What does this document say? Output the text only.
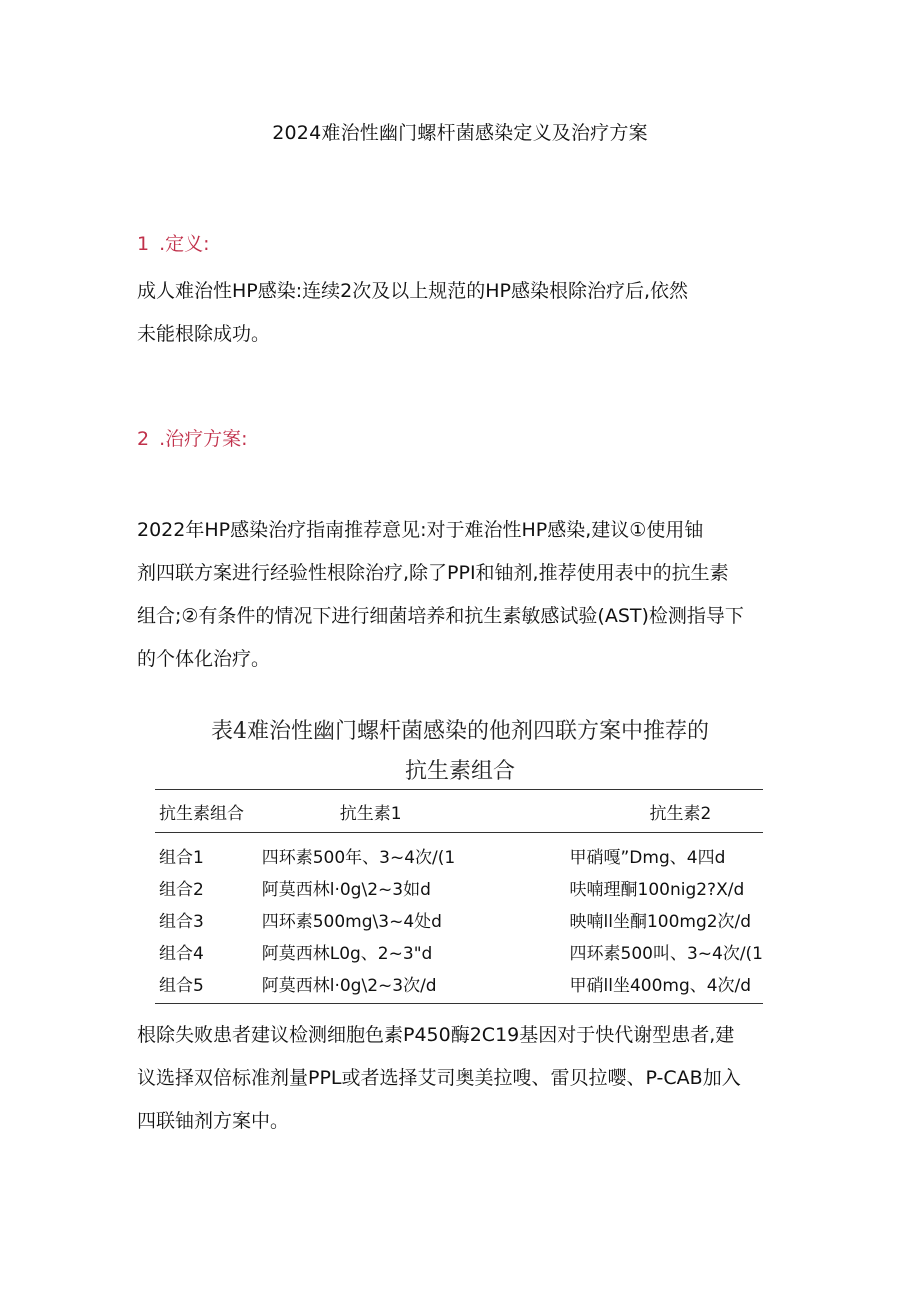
2024难治性幽门螺杆菌感染定义及治疗方案
1 .定义:
成人难治性HP感染:连续2次及以上规范的HP感染根除治疗后,依然
未能根除成功。
2 .治疗方案:
2022年HP感染治疗指南推荐意见:对于难治性HP感染,建议①使用铀
剂四联方案进行经验性根除治疗,除了PPI和铀剂,推荐使用表中的抗生素
组合;②有条件的情况下进行细菌培养和抗生素敏感试验(AST)检测指导下
的个体化治疗。
表4难治性幽门螺杆菌感染的他剂四联方案中推荐的
抗生素组合
抗生素组合	抗生素1	抗生素2
组合1	四环素500年、3~4次/(1	甲硝嘎”Dmg、4四d
组合2	阿莫西林l·0g\2~3如d	呋喃理酮100nig2?X/d
组合3	四环素500mg\3~4处d	映喃ll坐酮100mg2次/d
组合4	阿莫西林L0g、2~3"d	四环素500叫、3~4次/(1
组合5	阿莫西林l·0g\2~3次/d	甲硝ll坐400mg、4次/d
根除失败患者建议检测细胞色素P450酶2C19基因对于快代谢型患者,建
议选择双倍标准剂量PPL或者选择艾司奥美拉嗖、雷贝拉嘤、P-CAB加入
四联铀剂方案中。
